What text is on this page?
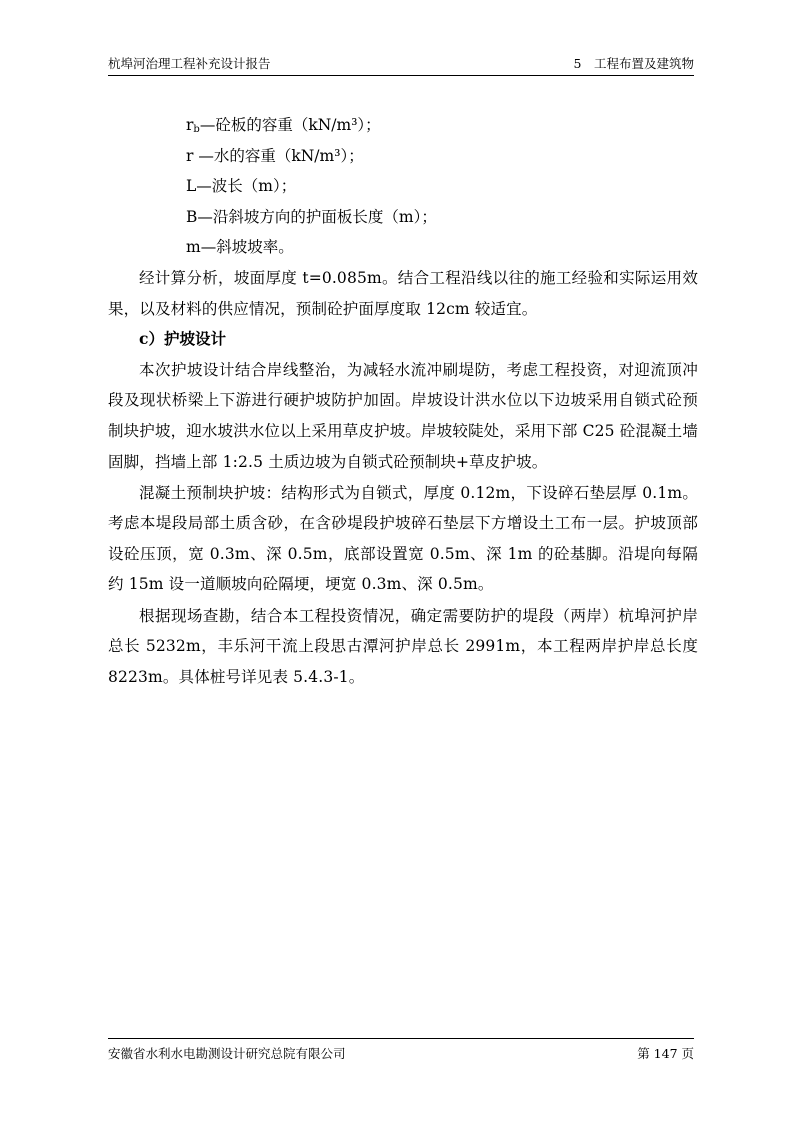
杭埠河治理工程补充设计报告	5　工程布置及建筑物
$r_b—$砼板的容重（kN/m³）；
r —水的容重（kN/m³）；
L—波长（m）；
B—沿斜坡方向的护面板长度（m）；
m—斜坡坡率。

经计算分析，坡面厚度 t=0.085m。结合工程沿线以往的施工经验和实际运用效果，以及材料的供应情况，预制砼护面厚度取 12cm 较适宜。

c）护坡设计

本次护坡设计结合岸线整治，为减轻水流冲刷堤防，考虑工程投资，对迎流顶冲段及现状桥梁上下游进行硬护坡防护加固。岸坡设计洪水位以下边坡采用自锁式砼预制块护坡，迎水坡洪水位以上采用草皮护坡。岸坡较陡处，采用下部 C25 砼混凝土墙固脚，挡墙上部 1:2.5 土质边坡为自锁式砼预制块+草皮护坡。

混凝土预制块护坡：结构形式为自锁式，厚度 0.12m，下设碎石垫层厚 0.1m。考虑本堤段局部土质含砂，在含砂堤段护坡碎石垫层下方增设土工布一层。护坡顶部设砼压顶，宽 0.3m、深 0.5m，底部设置宽 0.5m、深 1m 的砼基脚。沿堤向每隔约 15m 设一道顺坡向砼隔埂，埂宽 0.3m、深 0.5m。

根据现场查勘，结合本工程投资情况，确定需要防护的堤段（两岸）杭埠河护岸总长 5232m，丰乐河干流上段思古潭河护岸总长 2991m，本工程两岸护岸总长度 8223m。具体桩号详见表 5.4.3-1。

安徽省水利水电勘测设计研究总院有限公司	第 147 页
